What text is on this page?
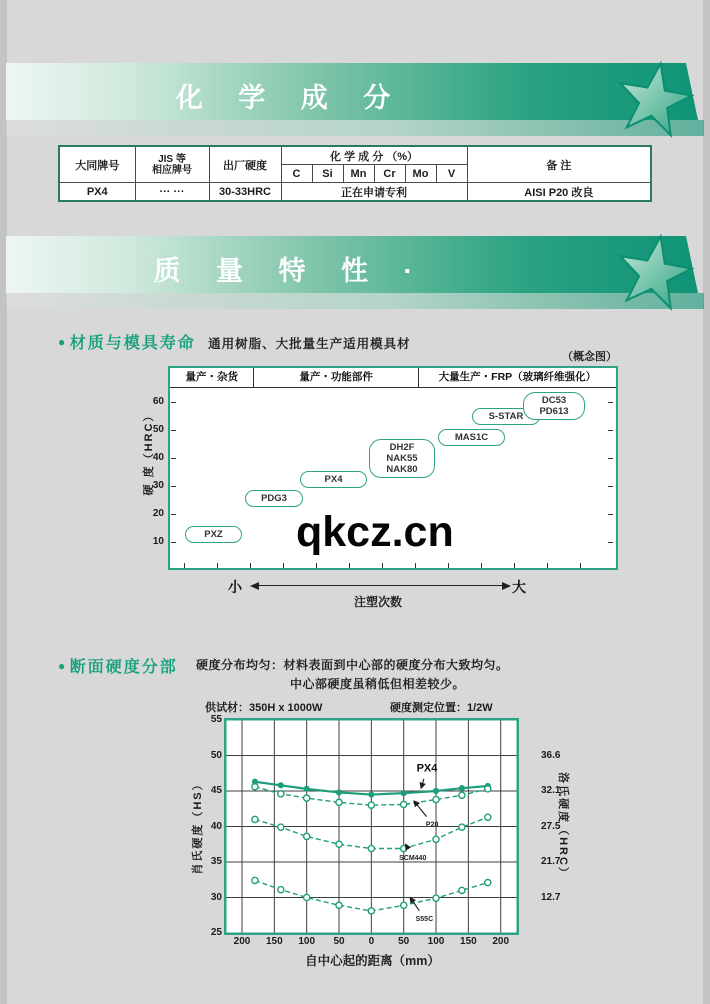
化 学 成 分
大同牌号	JIS 等
相应牌号	出厂硬度	化 学 成 分 （%）						备 注
			C	Si	Mn	Cr	Mo	V	
PX4	··· ···	30-33HRC	正在申请专利						AISI P20 改良
质 量 特 性 ·
● 材质与模具寿命 通用树脂、大批量生产适用模具材
（概念图）
量产・杂货	量产・功能部件	大量生产・FRP（玻璃纤维强化）
硬 度（HRC）
qkcz.cn
60
50
40
30
20
10
PXZ
PDG3
PX4
DH2F
NAK55
NAK80
MAS1C
S-STAR
DC53
PD613
小	大
注塑次数
● 断面硬度分部 硬度分布均匀：材料表面到中心部的硬度分布大致均匀。
中心部硬度虽稍低但相差较少。
供试材：350H x 1000W	硬度测定位置：1/2W
PX4
P20
SCM440
S55C
肖氏硬度（HS）	洛氏硬度（HRC）
自中心起的距离（mm）
55
50
45
40
35
30
25
36.6
32.1
27.5
21.7
12.7
200	150	100	50	0	50	100	150	200
